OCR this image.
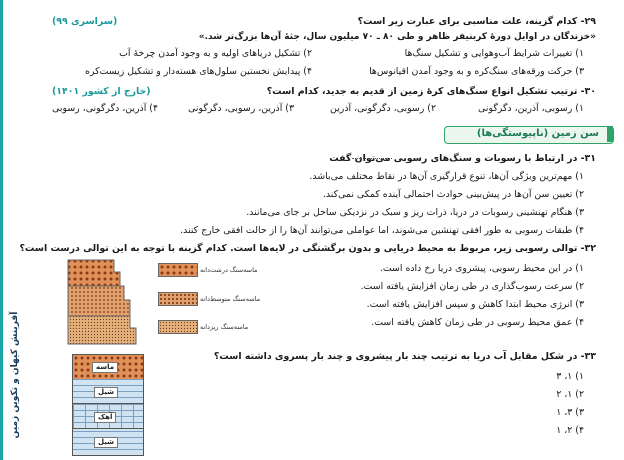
آفرینش کیهان و تکوین زمین
۲۹- کدام گزینه، علت مناسبی برای عبارت زیر است؟
(سراسری ۹۹)
«خزندگان در اوایل دورهٔ کربنیفر ظاهر و طی ۸۰ ـ ۷۰ میلیون سال، جثهٔ آن‌ها بزرگ‌تر شد.»
۱) تغییرات شرایط آب‌وهوایی و تشکیل سنگ‌ها
۲) تشکیل دریاهای اولیه و به وجود آمدن چرخهٔ آب
۳) حرکت ورقه‌های سنگ‌کره و به وجود آمدن اقیانوس‌ها
۴) پیدایش نخستین سلول‌های هسته‌دار و تشکیل زیست‌کره
۳۰- ترتیب تشکیل انواع سنگ‌های کرهٔ زمین از قدیم به جدید، کدام است؟
(خارج از کشور ۱۴۰۱)
۱) رسوبی، آذرین، دگرگونی
۲) رسوبی، دگرگونی، آذرین
۳) آذرین، رسوبی، دگرگونی
۴) آذرین، دگرگونی، رسوبی
سن زمین (ناپیوستگی‌ها)
۳۱- در ارتباط با رسوبات و سنگ‌های رسوبی می‌توان گفت
۱) مهم‌ترین ویژگی آن‌ها، تنوع قرارگیری آن‌ها در نقاط مختلف می‌باشد.
۲) تعیین سن آن‌ها در پیش‌بینی حوادث احتمالی آینده کمکی نمی‌کند.
۳) هنگام تهنشینی رسوبات در دریا، ذرات ریز و سبک در نزدیکی ساحل بر جای می‌مانند.
۴) طبقات رسوبی به طور افقی تهنشین می‌شوند، اما عواملی می‌توانند آن‌ها را از حالت افقی خارج کنند.
۳۲- توالی رسوبی زیر، مربوط به محیط دریایی و بدون برگشتگی در لایه‌ها است. کدام گزینه با توجه به این توالی درست است؟
۱) در این محیط رسوبی، پیشروی دریا رخ داده است.
۲) سرعت رسوب‌گذاری در طی زمان افزایش یافته است.
۳) انرژی محیط ابتدا کاهش و سپس افزایش یافته است.
۴) عمق محیط رسوبی در طی زمان کاهش یافته است.
ماسه‌سنگ درشت‌دانه
ماسه‌سنگ متوسط‌دانه
ماسه‌سنگ ریزدانه
۳۳- در شکل مقابل آب دریا به ترتیب چند بار پیشروی و چند بار پسروی داشته است؟
۱) ۱، ۳
۲) ۱، ۲
۳) ۳، ۱
۴) ۲، ۱
ماسه
شیل
آهک
شیل
